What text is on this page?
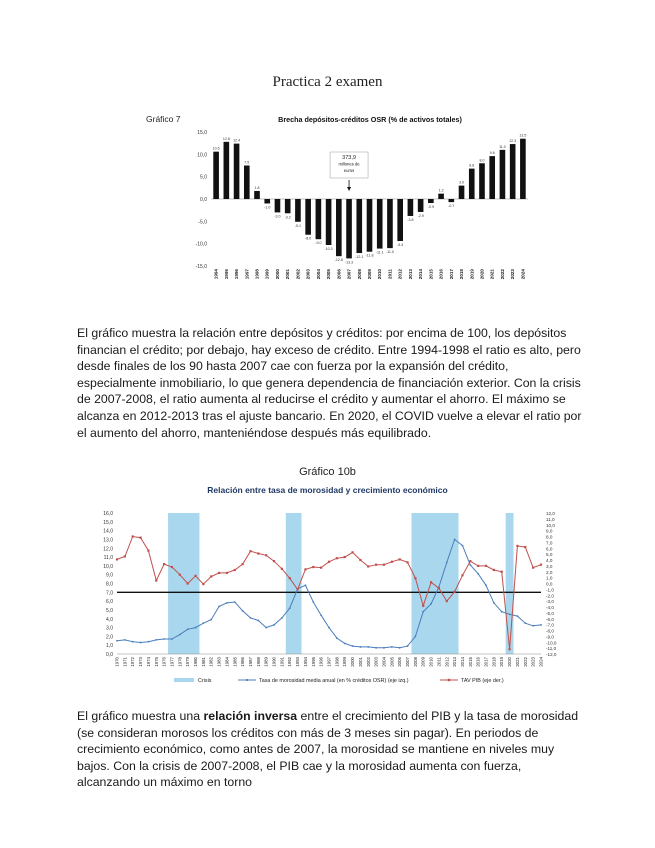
Practica 2 examen
Gráfico 7	Brecha depósitos-créditos OSR (% de activos totales)
15,0
10,0
5,0
0,0
-5,0
-10,0
-15,0
10.6
12.8 12.4
7.5
1.8
-1.0
-3.0 -3.2
-5.1
-8.0
-9.0
-10.3
-12.8
-13.3
-12.1 -11.8
-11.1 -11.0
-9.4
-3.8
-2.9
-0.9
1.2
-0.7
3.0
6.8
8.0
9.6
11.0
12.3
13.5
1994 1995 1996 1997 1998 1999 2000 2001 2002 2003 2004 2005 2006 2007 2008 2009 2010 2011 2012 2013 2014 2015 2016 2017 2018 2019 2020 2021 2022 2023 2024
373,9
millones de
euros

El gráfico muestra la relación entre depósitos y créditos: por encima de 100, los depósitos financian el crédito; por debajo, hay exceso de crédito. Entre 1994-1998 el ratio es alto, pero desde finales de los 90 hasta 2007 cae con fuerza por la expansión del crédito, especialmente inmobiliario, lo que genera dependencia de financiación exterior. Con la crisis de 2007-2008, el ratio aumenta al reducirse el crédito y aumentar el ahorro. El máximo se alcanza en 2012-2013 tras el ajuste bancario. En 2020, el COVID vuelve a elevar el ratio por el aumento del ahorro, manteniéndose después más equilibrado.

Gráfico 10b
Relación entre tasa de morosidad y crecimiento económico
16,0
15,0
14,0
13,0
12,0
11,0
10,0
9,0
8,0
7,0
6,0
5,0
4,0
3,0
2,0
1,0
0,0
12,0
11,0
10,0
9,0
8,0
7,0
6,0
5,0
4,0
3,0
2,0
1,0
0,0
-1,0
-2,0
-3,0
-4,0
-5,0
-6,0
-7,0
-8,0
-9,0
-10,0
-11,0
-12,0
1970 1971 1972 1973 1974 1975 1976 1977 1978 1979 1980 1981 1982 1983 1984 1985 1986 1987 1988 1989 1990 1991 1992 1993 1994 1995 1996 1997 1998 1999 2000 2001 2002 2003 2004 2005 2006 2007 2008 2009 2010 2011 2012 2013 2014 2015 2016 2017 2018 2019 2020 2021 2022 2023 2024
Crisis	Tasa de morosidad media anual (en % créditos OSR) (eje izq.)	TAV PIB (eje der.)

El gráfico muestra una relación inversa entre el crecimiento del PIB y la tasa de morosidad (se consideran morosos los créditos con más de 3 meses sin pagar). En periodos de crecimiento económico, como antes de 2007, la morosidad se mantiene en niveles muy bajos. Con la crisis de 2007-2008, el PIB cae y la morosidad aumenta con fuerza, alcanzando un máximo en torno
